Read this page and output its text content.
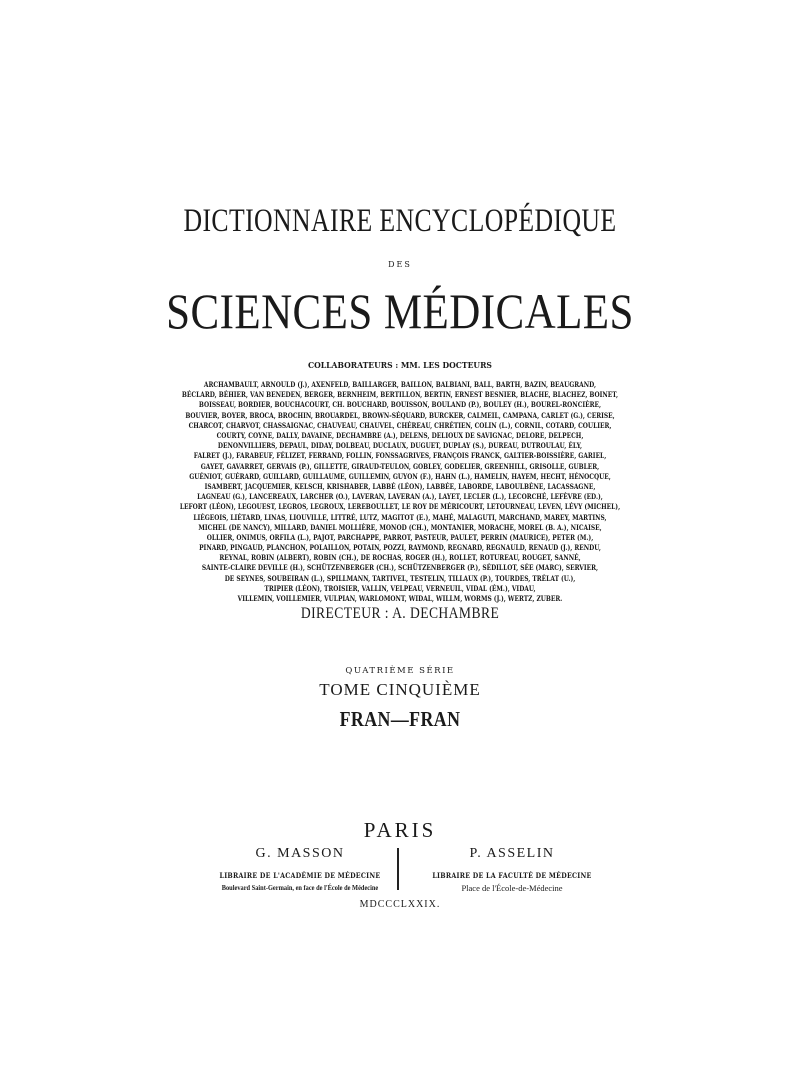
DICTIONNAIRE ENCYCLOPÉDIQUE
DES
SCIENCES MÉDICALES
COLLABORATEURS : MM. LES DOCTEURS
ARCHAMBAULT, ARNOULD (J.), AXENFELD, BAILLARGER, BAILLON, BALBIANI, BALL, BARTH, BAZIN, BEAUGRAND,
BÉCLARD, BÉHIER, VAN BENEDEN, BERGER, BERNHEIM, BERTILLON, BERTIN, ERNEST BESNIER, BLACHE, BLACHEZ, BOINET,
BOISSEAU, BORDIER, BOUCHACOURT, CH. BOUCHARD, BOUISSON, BOULAND (P.), BOULEY (H.), BOUREL-RONCIÈRE,
BOUVIER, BOYER, BROCA, BROCHIN, BROUARDEL, BROWN-SÉQUARD, BURCKER, CALMEIL, CAMPANA, CARLET (G.), CERISE,
CHARCOT, CHARVOT, CHASSAIGNAC, CHAUVEAU, CHAUVEL, CHÉREAU, CHRÉTIEN, COLIN (L.), CORNIL, COTARD, COULIER,
COURTY, COYNE, DALLY, DAVAINE, DECHAMBRE (A.), DELENS, DELIOUX DE SAVIGNAC, DELORE, DELPECH,
DENONVILLIERS, DEPAUL, DIDAY, DOLBEAU, DUCLAUX, DUGUET, DUPLAY (S.), DUREAU, DUTROULAU, ÉLY,
FALRET (J.), FARABEUF, FÉLIZET, FERRAND, FOLLIN, FONSSAGRIVES, FRANÇOIS FRANCK, GALTIER-BOISSIÈRE, GARIEL,
GAYET, GAVARRET, GERVAIS (P.), GILLETTE, GIRAUD-TEULON, GOBLEY, GODELIER, GREENHILL, GRISOLLE, GUBLER,
GUÉNIOT, GUÉRARD, GUILLARD, GUILLAUME, GUILLEMIN, GUYON (F.), HAHN (L.), HAMELIN, HAYEM, HECHT, HÉNOCQUE,
ISAMBERT, JACQUEMIER, KELSCH, KRISHABER, LABBÉ (LÉON), LABBÉE, LABORDE, LABOULBÈNE, LACASSAGNE,
LAGNEAU (G.), LANCEREAUX, LARCHER (O.), LAVERAN, LAVERAN (A.), LAYET, LECLER (L.), LECORCHÉ, LEFÈVRE (ED.),
LEFORT (LÉON), LEGOUEST, LEGROS, LEGROUX, LEREBOULLET, LE ROY DE MÉRICOURT, LETOURNEAU, LEVEN, LÉVY (MICHEL),
LIÉGEOIS, LIÉTARD, LINAS, LIOUVILLE, LITTRÉ, LUTZ, MAGITOT (E.), MAHÉ, MALAGUTI, MARCHAND, MAREY, MARTINS,
MICHEL (DE NANCY), MILLARD, DANIEL MOLLIÈRE, MONOD (CH.), MONTANIER, MORACHE, MOREL (B. A.), NICAISE,
OLLIER, ONIMUS, ORFILA (L.), PAJOT, PARCHAPPE, PARROT, PASTEUR, PAULET, PERRIN (MAURICE), PETER (M.),
PINARD, PINGAUD, PLANCHON, POLAILLON, POTAIN, POZZI, RAYMOND, REGNARD, REGNAULD, RENAUD (J.), RENDU,
REYNAL, ROBIN (ALBERT), ROBIN (CH.), DE ROCHAS, ROGER (H.), ROLLET, ROTUREAU, ROUGET, SANNÉ,
SAINTE-CLAIRE DEVILLE (H.), SCHÜTZENBERGER (CH.), SCHÜTZENBERGER (P.), SÉDILLOT, SÉE (MARC), SERVIER,
DE SEYNES, SOUBEIRAN (L.), SPILLMANN, TARTIVEL, TESTELIN, TILLAUX (P.), TOURDES, TRÉLAT (U.),
TRIPIER (LÉON), TROISIER, VALLIN, VELPEAU, VERNEUIL, VIDAL (ÉM.), VIDAU,
VILLEMIN, VOILLEMIER, VULPIAN, WARLOMONT, WIDAL, WILLM, WORMS (J.), WERTZ, ZUBER.
DIRECTEUR : A. DECHAMBRE
QUATRIÈME SÉRIE
TOME CINQUIÈME
FRAN—FRAN
PARIS
G. MASSON
LIBRAIRE DE L'ACADÉMIE DE MÉDECINE
Boulevard Saint-Germain, en face de l'École de Médecine
P. ASSELIN
LIBRAIRE DE LA FACULTÉ DE MÉDECINE
Place de l'École-de-Médecine
MDCCCLXXIX.
